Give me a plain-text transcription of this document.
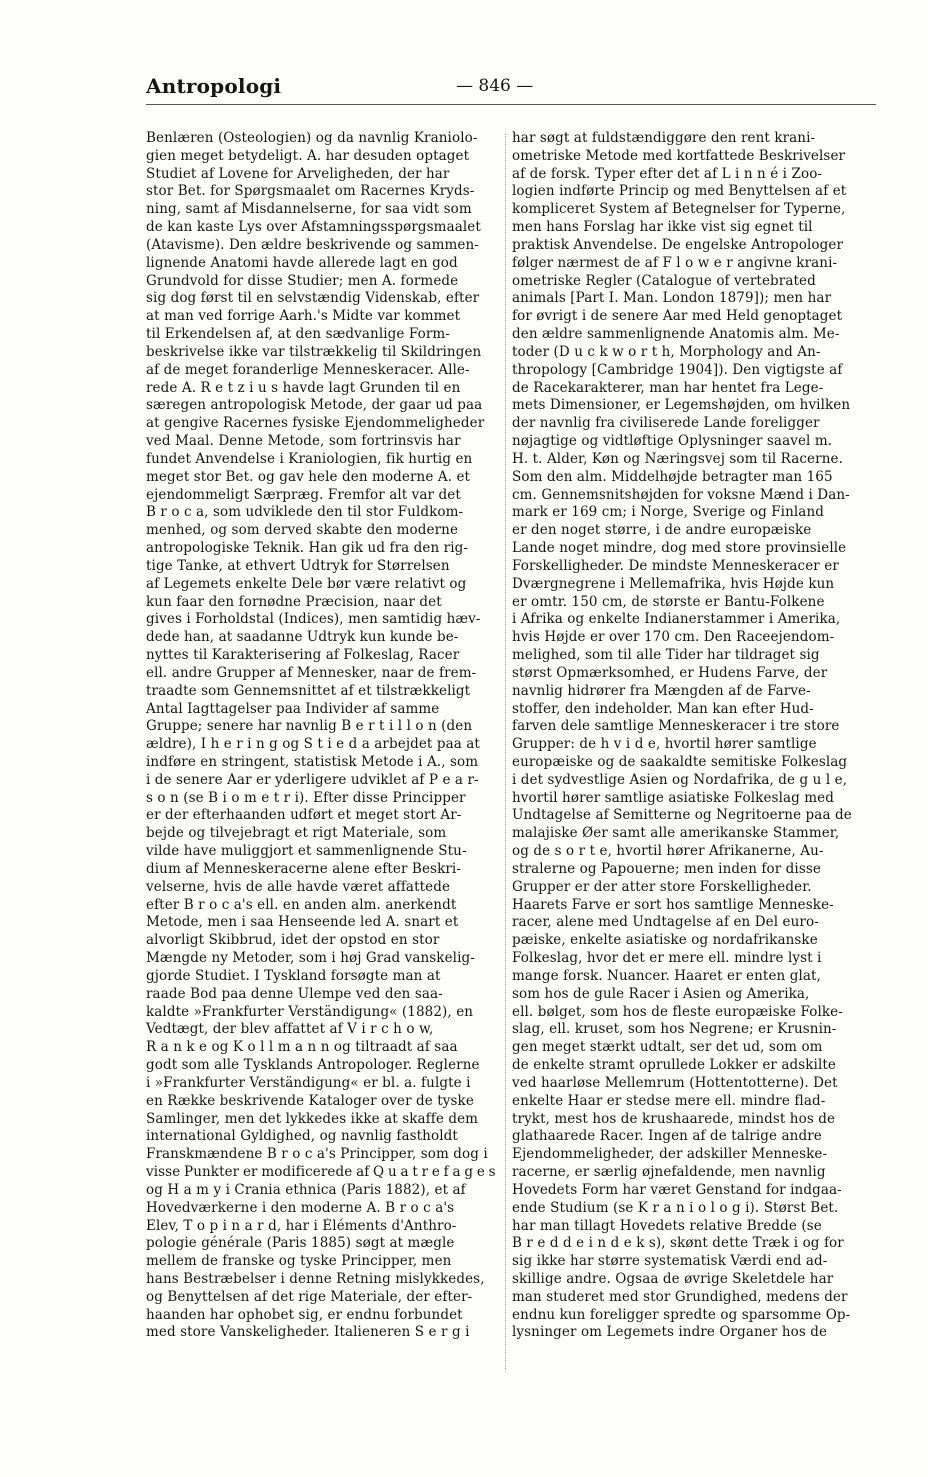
Antropologi	— 846 —
Benlæren (Osteologien) og da navnlig Kraniolo-
gien meget betydeligt. A. har desuden optaget
Studiet af Lovene for Arveligheden, der har
stor Bet. for Spørgsmaalet om Racernes Kryds-
ning, samt af Misdannelserne, for saa vidt som
de kan kaste Lys over Afstamningsspørgsmaalet
(Atavisme). Den ældre beskrivende og sammen-
lignende Anatomi havde allerede lagt en god
Grundvold for disse Studier; men A. formede
sig dog først til en selvstændig Videnskab, efter
at man ved forrige Aarh.'s Midte var kommet
til Erkendelsen af, at den sædvanlige Form-
beskrivelse ikke var tilstrækkelig til Skildringen
af de meget foranderlige Menneskeracer. Alle-
rede A. R e t z i u s havde lagt Grunden til en
særegen antropologisk Metode, der gaar ud paa
at gengive Racernes fysiske Ejendommeligheder
ved Maal. Denne Metode, som fortrinsvis har
fundet Anvendelse i Kraniologien, fik hurtig en
meget stor Bet. og gav hele den moderne A. et
ejendommeligt Særpræg. Fremfor alt var det
B r o c a, som udviklede den til stor Fuldkom-
menhed, og som derved skabte den moderne
antropologiske Teknik. Han gik ud fra den rig-
tige Tanke, at ethvert Udtryk for Størrelsen
af Legemets enkelte Dele bør være relativt og
kun faar den fornødne Præcision, naar det
gives i Forholdstal (Indices), men samtidig hæv-
dede han, at saadanne Udtryk kun kunde be-
nyttes til Karakterisering af Folkeslag, Racer
ell. andre Grupper af Mennesker, naar de frem-
traadte som Gennemsnittet af et tilstrækkeligt
Antal Iagttagelser paa Individer af samme
Gruppe; senere har navnlig B e r t i l l o n (den
ældre), I h e r i n g og S t i e d a arbejdet paa at
indføre en stringent, statistisk Metode i A., som
i de senere Aar er yderligere udviklet af P e a r-
s o n (se B i o m e t r i). Efter disse Principper
er der efterhaanden udført et meget stort Ar-
bejde og tilvejebragt et rigt Materiale, som
vilde have muliggjort et sammenlignende Stu-
dium af Menneskeracerne alene efter Beskri-
velserne, hvis de alle havde været affattede
efter B r o c a's ell. en anden alm. anerkendt
Metode, men i saa Henseende led A. snart et
alvorligt Skibbrud, idet der opstod en stor
Mængde ny Metoder, som i høj Grad vanskelig-
gjorde Studiet. I Tyskland forsøgte man at
raade Bod paa denne Ulempe ved den saa-
kaldte »Frankfurter Verständigung« (1882), en
Vedtægt, der blev affattet af V i r c h o w,
R a n k e og K o l l m a n n og tiltraadt af saa
godt som alle Tysklands Antropologer. Reglerne
i »Frankfurter Verständigung« er bl. a. fulgte i
en Række beskrivende Kataloger over de tyske
Samlinger, men det lykkedes ikke at skaffe dem
international Gyldighed, og navnlig fastholdt
Franskmændene B r o c a's Principper, som dog i
visse Punkter er modificerede af Q u a t r e f a g e s
og H a m y i Crania ethnica (Paris 1882), et af
Hovedværkerne i den moderne A. B r o c a's
Elev, T o p i n a r d, har i Éléments d'Anthro-
pologie générale (Paris 1885) søgt at mægle
mellem de franske og tyske Principper, men
hans Bestræbelser i denne Retning mislykkedes,
og Benyttelsen af det rige Materiale, der efter-
haanden har ophobet sig, er endnu forbundet
med store Vanskeligheder. Italieneren S e r g i
har søgt at fuldstændiggøre den rent krani-
ometriske Metode med kortfattede Beskrivelser
af de forsk. Typer efter det af L i n n é i Zoo-
logien indførte Princip og med Benyttelsen af et
kompliceret System af Betegnelser for Typerne,
men hans Forslag har ikke vist sig egnet til
praktisk Anvendelse. De engelske Antropologer
følger nærmest de af F l o w e r angivne krani-
ometriske Regler (Catalogue of vertebrated
animals [Part I. Man. London 1879]); men har
for øvrigt i de senere Aar med Held genoptaget
den ældre sammenlignende Anatomis alm. Me-
toder (D u c k w o r t h, Morphology and An-
thropology [Cambridge 1904]). Den vigtigste af
de Racekarakterer, man har hentet fra Lege-
mets Dimensioner, er Legemshøjden, om hvilken
der navnlig fra civiliserede Lande foreligger
nøjagtige og vidtløftige Oplysninger saavel m.
H. t. Alder, Køn og Næringsvej som til Racerne.
Som den alm. Middelhøjde betragter man 165
cm. Gennemsnitshøjden for voksne Mænd i Dan-
mark er 169 cm; i Norge, Sverige og Finland
er den noget større, i de andre europæiske
Lande noget mindre, dog med store provinsielle
Forskelligheder. De mindste Menneskeracer er
Dværgnegrene i Mellemafrika, hvis Højde kun
er omtr. 150 cm, de største er Bantu-Folkene
i Afrika og enkelte Indianerstammer i Amerika,
hvis Højde er over 170 cm. Den Raceejendom-
melighed, som til alle Tider har tildraget sig
størst Opmærksomhed, er Hudens Farve, der
navnlig hidrører fra Mængden af de Farve-
stoffer, den indeholder. Man kan efter Hud-
farven dele samtlige Menneskeracer i tre store
Grupper: de h v i d e, hvortil hører samtlige
europæiske og de saakaldte semitiske Folkeslag
i det sydvestlige Asien og Nordafrika, de g u l e,
hvortil hører samtlige asiatiske Folkeslag med
Undtagelse af Semitterne og Negritoerne paa de
malajiske Øer samt alle amerikanske Stammer,
og de s o r t e, hvortil hører Afrikanerne, Au-
stralerne og Papouerne; men inden for disse
Grupper er der atter store Forskelligheder.
Haarets Farve er sort hos samtlige Menneske-
racer, alene med Undtagelse af en Del euro-
pæiske, enkelte asiatiske og nordafrikanske
Folkeslag, hvor det er mere ell. mindre lyst i
mange forsk. Nuancer. Haaret er enten glat,
som hos de gule Racer i Asien og Amerika,
ell. bølget, som hos de fleste europæiske Folke-
slag, ell. kruset, som hos Negrene; er Krusnin-
gen meget stærkt udtalt, ser det ud, som om
de enkelte stramt oprullede Lokker er adskilte
ved haarløse Mellemrum (Hottentotterne). Det
enkelte Haar er stedse mere ell. mindre flad-
trykt, mest hos de krushaarede, mindst hos de
glathaarede Racer. Ingen af de talrige andre
Ejendommeligheder, der adskiller Menneske-
racerne, er særlig øjnefaldende, men navnlig
Hovedets Form har været Genstand for indgaa-
ende Studium (se K r a n i o l o g i). Størst Bet.
har man tillagt Hovedets relative Bredde (se
B r e d d e i n d e k s), skønt dette Træk i og for
sig ikke har større systematisk Værdi end ad-
skillige andre. Ogsaa de øvrige Skeletdele har
man studeret med stor Grundighed, medens der
endnu kun foreligger spredte og sparsomme Op-
lysninger om Legemets indre Organer hos de
